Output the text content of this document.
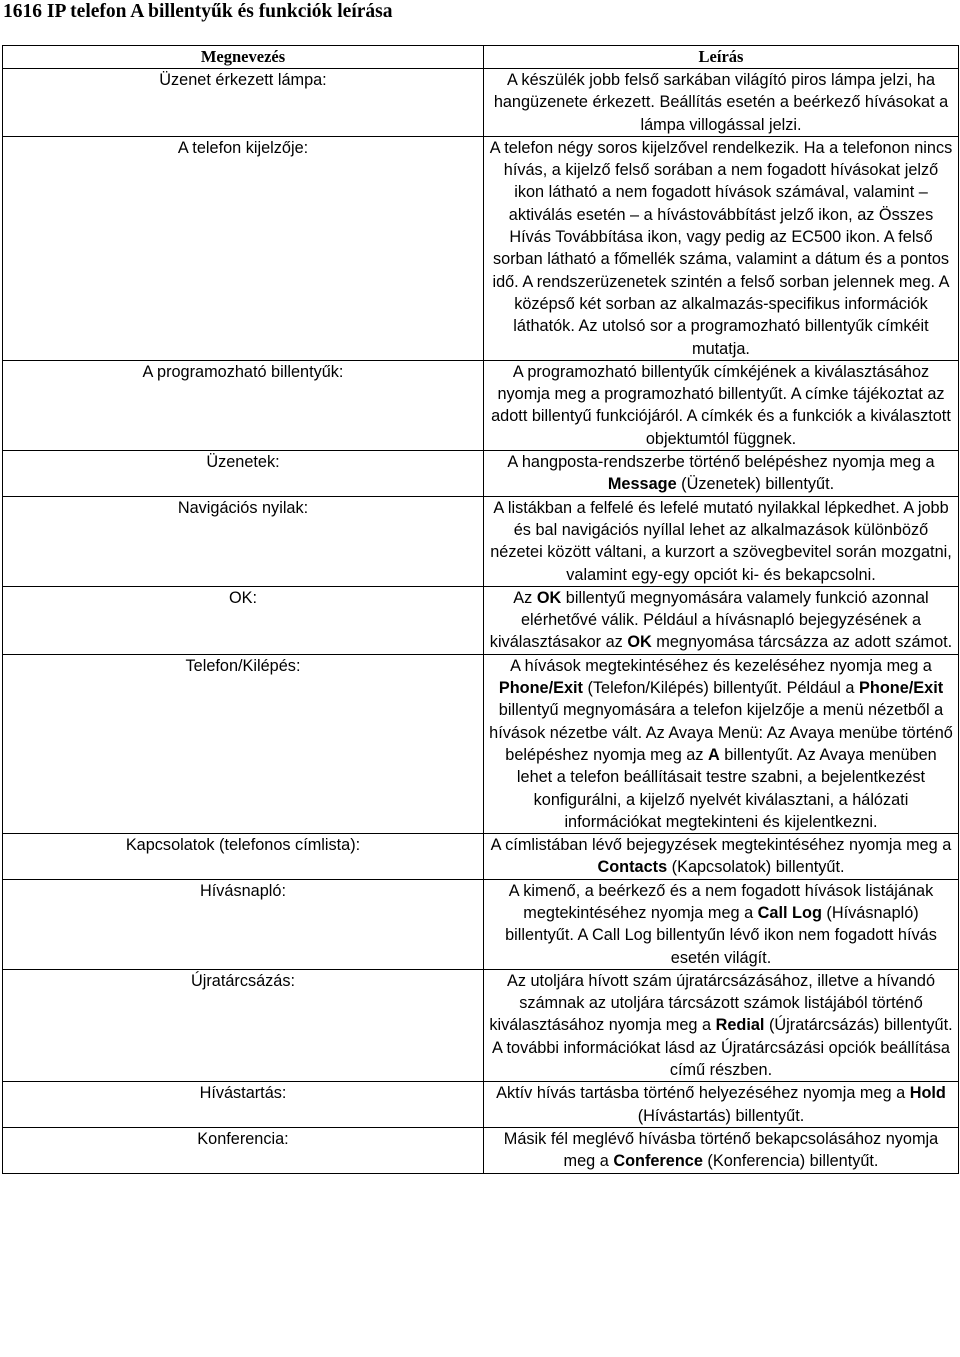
1616 IP telefon A billentyűk és funkciók leírása
Megnevezés	Leírás
Üzenet érkezett lámpa:	A készülék jobb felső sarkában világító piros lámpa jelzi, ha hangüzenete érkezett. Beállítás esetén a beérkező hívásokat a lámpa villogással jelzi.
A telefon kijelzője:	A telefon négy soros kijelzővel rendelkezik. Ha a telefonon nincs hívás, a kijelző felső sorában a nem fogadott hívásokat jelző ikon látható a nem fogadott hívások számával, valamint – aktiválás esetén – a hívástovábbítást jelző ikon, az Összes Hívás Továbbítása ikon, vagy pedig az EC500 ikon. A felső sorban látható a főmellék száma, valamint a dátum és a pontos idő. A rendszerüzenetek szintén a felső sorban jelennek meg. A középső két sorban az alkalmazás-specifikus információk láthatók. Az utolsó sor a programozható billentyűk címkéit mutatja.
A programozható billentyűk:	A programozható billentyűk címkéjének a kiválasztásához nyomja meg a programozható billentyűt. A címke tájékoztat az adott billentyű funkciójáról. A címkék és a funkciók a kiválasztott objektumtól függnek.
Üzenetek:	A hangposta-rendszerbe történő belépéshez nyomja meg a Message (Üzenetek) billentyűt.
Navigációs nyilak:	A listákban a felfelé és lefelé mutató nyilakkal lépkedhet. A jobb és bal navigációs nyíllal lehet az alkalmazások különböző nézetei között váltani, a kurzort a szövegbevitel során mozgatni, valamint egy-egy opciót ki- és bekapcsolni.
OK:	Az OK billentyű megnyomására valamely funkció azonnal elérhetővé válik. Például a hívásnapló bejegyzésének a kiválasztásakor az OK megnyomása tárcsázza az adott számot.
Telefon/Kilépés:	A hívások megtekintéséhez és kezeléséhez nyomja meg a Phone/Exit (Telefon/Kilépés) billentyűt. Például a Phone/Exit billentyű megnyomására a telefon kijelzője a menü nézetből a hívások nézetbe vált. Az Avaya Menü: Az Avaya menübe történő belépéshez nyomja meg az A billentyűt. Az Avaya menüben lehet a telefon beállításait testre szabni, a bejelentkezést konfigurálni, a kijelző nyelvét kiválasztani, a hálózati információkat megtekinteni és kijelentkezni.
Kapcsolatok (telefonos címlista):	A címlistában lévő bejegyzések megtekintéséhez nyomja meg a Contacts (Kapcsolatok) billentyűt.
Hívásnapló:	A kimenő, a beérkező és a nem fogadott hívások listájának megtekintéséhez nyomja meg a Call Log (Hívásnapló) billentyűt. A Call Log billentyűn lévő ikon nem fogadott hívás esetén világít.
Újratárcsázás:	Az utoljára hívott szám újratárcsázásához, illetve a hívandó számnak az utoljára tárcsázott számok listájából történő kiválasztásához nyomja meg a Redial (Újratárcsázás) billentyűt. A további információkat lásd az Újratárcsázási opciók beállítása című részben.
Hívástartás:	Aktív hívás tartásba történő helyezéséhez nyomja meg a Hold (Hívástartás) billentyűt.
Konferencia:	Másik fél meglévő hívásba történő bekapcsolásához nyomja meg a Conference (Konferencia) billentyűt.
